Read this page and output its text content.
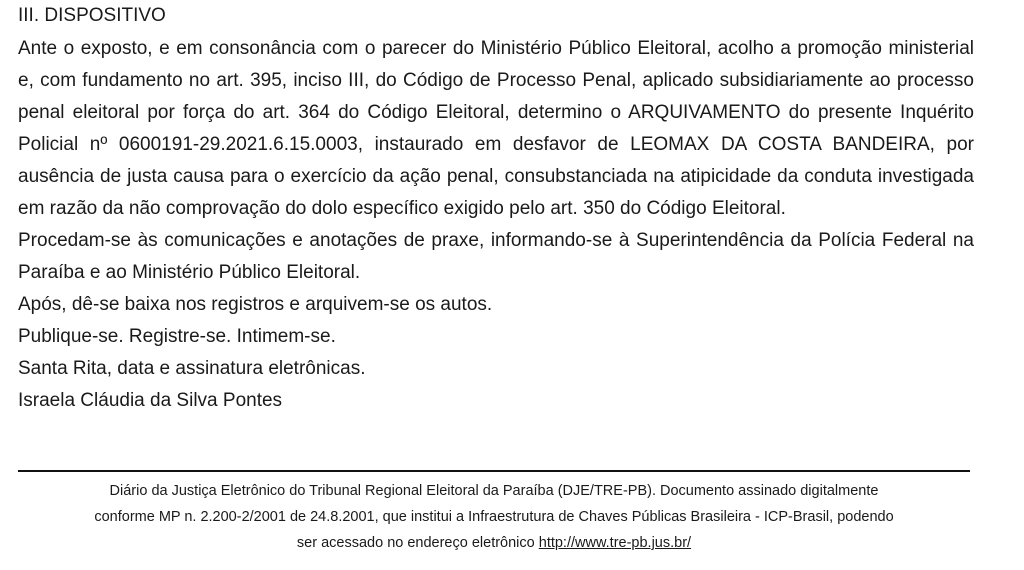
III. DISPOSITIVO

Ante o exposto, e em consonância com o parecer do Ministério Público Eleitoral, acolho a promoção ministerial e, com fundamento no art. 395, inciso III, do Código de Processo Penal, aplicado subsidiariamente ao processo penal eleitoral por força do art. 364 do Código Eleitoral, determino o ARQUIVAMENTO do presente Inquérito Policial nº 0600191-29.2021.6.15.0003, instaurado em desfavor de LEOMAX DA COSTA BANDEIRA, por ausência de justa causa para o exercício da ação penal, consubstanciada na atipicidade da conduta investigada em razão da não comprovação do dolo específico exigido pelo art. 350 do Código Eleitoral.

Procedam-se às comunicações e anotações de praxe, informando-se à Superintendência da Polícia Federal na Paraíba e ao Ministério Público Eleitoral.

Após, dê-se baixa nos registros e arquivem-se os autos.

Publique-se. Registre-se. Intimem-se.

Santa Rita, data e assinatura eletrônicas.

Israela Cláudia da Silva Pontes

Diário da Justiça Eletrônico do Tribunal Regional Eleitoral da Paraíba (DJE/TRE-PB). Documento assinado digitalmente

conforme MP n. 2.200-2/2001 de 24.8.2001, que institui a Infraestrutura de Chaves Públicas Brasileira - ICP-Brasil, podendo

ser acessado no endereço eletrônico http://www.tre-pb.jus.br/
